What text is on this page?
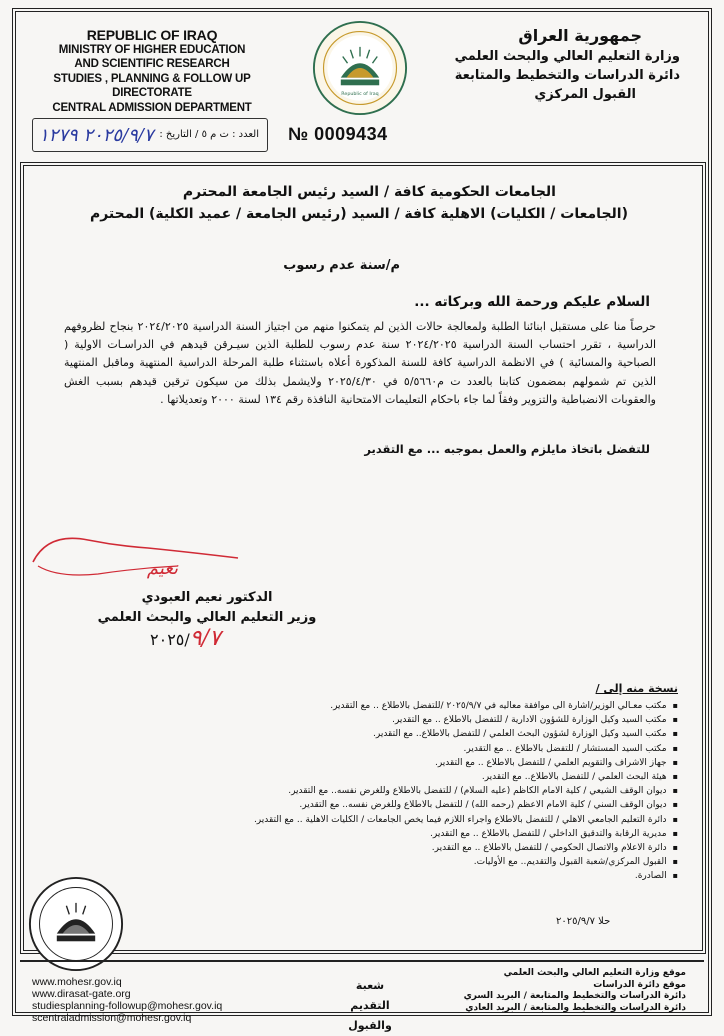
REPUBLIC OF IRAQ
MINISTRY OF HIGHER EDUCATION
AND SCIENTIFIC RESEARCH
STUDIES , PLANNING & FOLLOW UP DIRECTORATE
CENTRAL ADMISSION DEPARTMENT
جمهورية العراق
وزارة التعليم العالي والبحث العلمي
دائرة الدراسات والتخطيط والمتابعة
القبول المركزي
Republic of Iraq
٢٠٢٥/٩/٧ ١٢٧٩ العدد : ت م ٥ / التاريخ : № 0009434
الجامعات الحكومية كافة / السيد رئيس الجامعة المحترم
(الجامعات / الكليات) الاهلية كافة / السيد (رئيس الجامعة / عميد الكلية) المحترم
م/سنة عدم رسوب
السلام عليكم ورحمة الله وبركاته ...

حرصاً منا على مستقبل ابنائنا الطلبة ولمعالجة حالات الذين لم يتمكنوا منهم من اجتياز السنة الدراسية ٢٠٢٤/٢٠٢٥ بنجاح لظروفهم الدراسية ، تقرر احتساب السنة الدراسية ٢٠٢٤/٢٠٢٥ سنة عدم رسوب للطلبة الذين سيـرقن قيدهم في الدراسـات الاولية ( الصباحية والمسائية ) في الانظمة الدراسية كافة للسنة المذكورة أعلاه باستثناء طلبة المرحلة الدراسية المنتهية وماقبل المنتهية الذين تم شمولهم بمضمون كتابنا بالعدد ت م٥/٥٦٦٠ في ٢٠٢٥/٤/٣٠ ولايشمل بذلك من سيكون ترقين قيدهم بسبب الغش والعقوبات الانضباطية والتزوير وفقاً لما جاء باحكام التعليمات الامتحانية النافذة رقم ١٣٤ لسنة ٢٠٠٠ وتعديلاتها .

للتفضل باتخاذ مايلزم والعمل بموجبه ... مع التقدير
نعيم
الدكتور نعيم العبودي
وزير التعليم العالي والبحث العلمي
٢٠٢٥/٩/٧
نسخة منه إلى /
▪ مكتب معـالي الوزير/اشارة الى موافقة معاليه في ٢٠٢٥/٩/٧ /للتفضل بالاطلاع .. مع التقدير.
▪ مكتب السيد وكيل الوزارة للشؤون الادارية / للتفضل بالاطلاع .. مع التقدير.
▪ مكتب السيد وكيل الوزارة لشؤون البحث العلمي / للتفضل بالاطلاع.. مع التقدير.
▪ مكتب السيد المستشار / للتفضل بالاطلاع .. مع التقدير.
▪ جهاز الاشراف والتقويم العلمي / للتفضل بالاطلاع .. مع التقدير.
▪ هيئة البحث العلمي / للتفضل بالاطلاع.. مع التقدير.
▪ ديوان الوقف الشيعي / كلية الامام الكاظم (عليه السلام) / للتفضل بالاطلاع وللغرض نفسه.. مع التقدير.
▪ ديوان الوقف السني / كلية الامام الاعظم (رحمه الله) / للتفضل بالاطلاع وللغرض نفسه.. مع التقدير.
▪ دائرة التعليم الجامعي الاهلي / للتفضل بالاطلاع واجراء اللازم فيما يخص الجامعات / الكليات الاهلية .. مع التقدير.
▪ مديرية الرقابة والتدقيق الداخلي / للتفضل بالاطلاع .. مع التقدير.
▪ دائرة الاعلام والاتصال الحكومي / للتفضل بالاطلاع .. مع التقدير.
▪ القبول المركزي/شعبة القبول والتقديم.. مع الأوليات.
▪ الصادرة.
حلا ٢٠٢٥/٩/٧
www.mohesr.gov.iq
www.dirasat-gate.org
studiesplanning-followup@mohesr.gov.iq
scentraladmission@mohesr.gov.iq
شعبة
التقديم والقبول
موقع وزارة التعليم العالي والبحث العلمي
موقع دائرة الدراسات
دائرة الدراسات والتخطيط والمتابعة / البريد السري
دائرة الدراسات والتخطيط والمتابعة / البريد العادي
